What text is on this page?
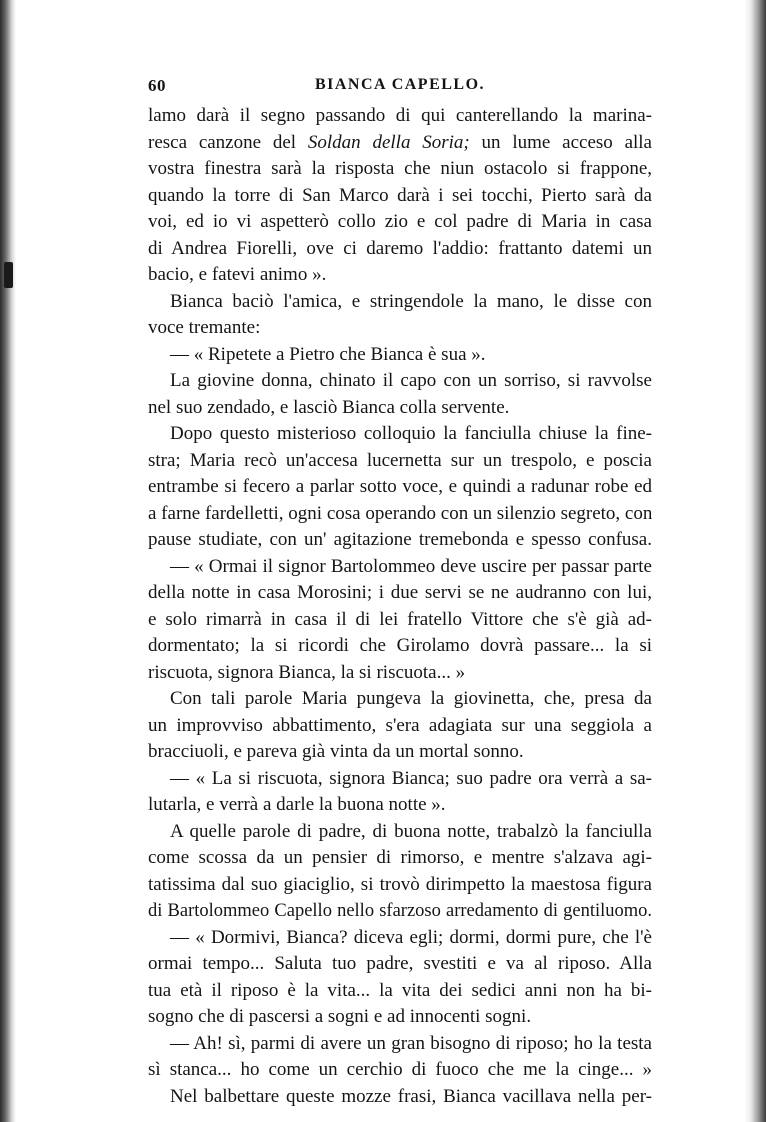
60	BIANCA CAPELLO.
lamo darà il segno passando di qui canterellando la marina-
resca canzone del Soldan della Soria; un lume acceso alla
vostra finestra sarà la risposta che niun ostacolo si frappone,
quando la torre di San Marco darà i sei tocchi, Pierto sarà da
voi, ed io vi aspetterò collo zio e col padre di Maria in casa
di Andrea Fiorelli, ove ci daremo l'addio: frattanto datemi un
bacio, e fatevi animo ».
Bianca baciò l'amica, e stringendole la mano, le disse con
voce tremante:
— « Ripetete a Pietro che Bianca è sua ».
La giovine donna, chinato il capo con un sorriso, si ravvolse
nel suo zendado, e lasciò Bianca colla servente.
Dopo questo misterioso colloquio la fanciulla chiuse la fine-
stra; Maria recò un'accesa lucernetta sur un trespolo, e poscia
entrambe si fecero a parlar sotto voce, e quindi a radunar robe ed
a farne fardelletti, ogni cosa operando con un silenzio segreto, con
pause studiate, con un' agitazione tremebonda e spesso confusa.
— « Ormai il signor Bartolommeo deve uscire per passar parte
della notte in casa Morosini; i due servi se ne audranno con lui,
e solo rimarrà in casa il di lei fratello Vittore che s'è già ad-
dormentato; la si ricordi che Girolamo dovrà passare... la si
riscuota, signora Bianca, la si riscuota... »
Con tali parole Maria pungeva la giovinetta, che, presa da
un improvviso abbattimento, s'era adagiata sur una seggiola a
bracciuoli, e pareva già vinta da un mortal sonno.
— « La si riscuota, signora Bianca; suo padre ora verrà a sa-
lutarla, e verrà a darle la buona notte ».
A quelle parole di padre, di buona notte, trabalzò la fanciulla
come scossa da un pensier di rimorso, e mentre s'alzava agi-
tatissima dal suo giaciglio, si trovò dirimpetto la maestosa figura
di Bartolommeo Capello nello sfarzoso arredamento di gentiluomo.
— « Dormivi, Bianca? diceva egli; dormi, dormi pure, che l'è
ormai tempo... Saluta tuo padre, svestiti e va al riposo. Alla
tua età il riposo è la vita... la vita dei sedici anni non ha bi-
sogno che di pascersi a sogni e ad innocenti sogni.
— Ah! sì, parmi di avere un gran bisogno di riposo; ho la testa
sì stanca... ho come un cerchio di fuoco che me la cinge... »
Nel balbettare queste mozze frasi, Bianca vacillava nella per-
